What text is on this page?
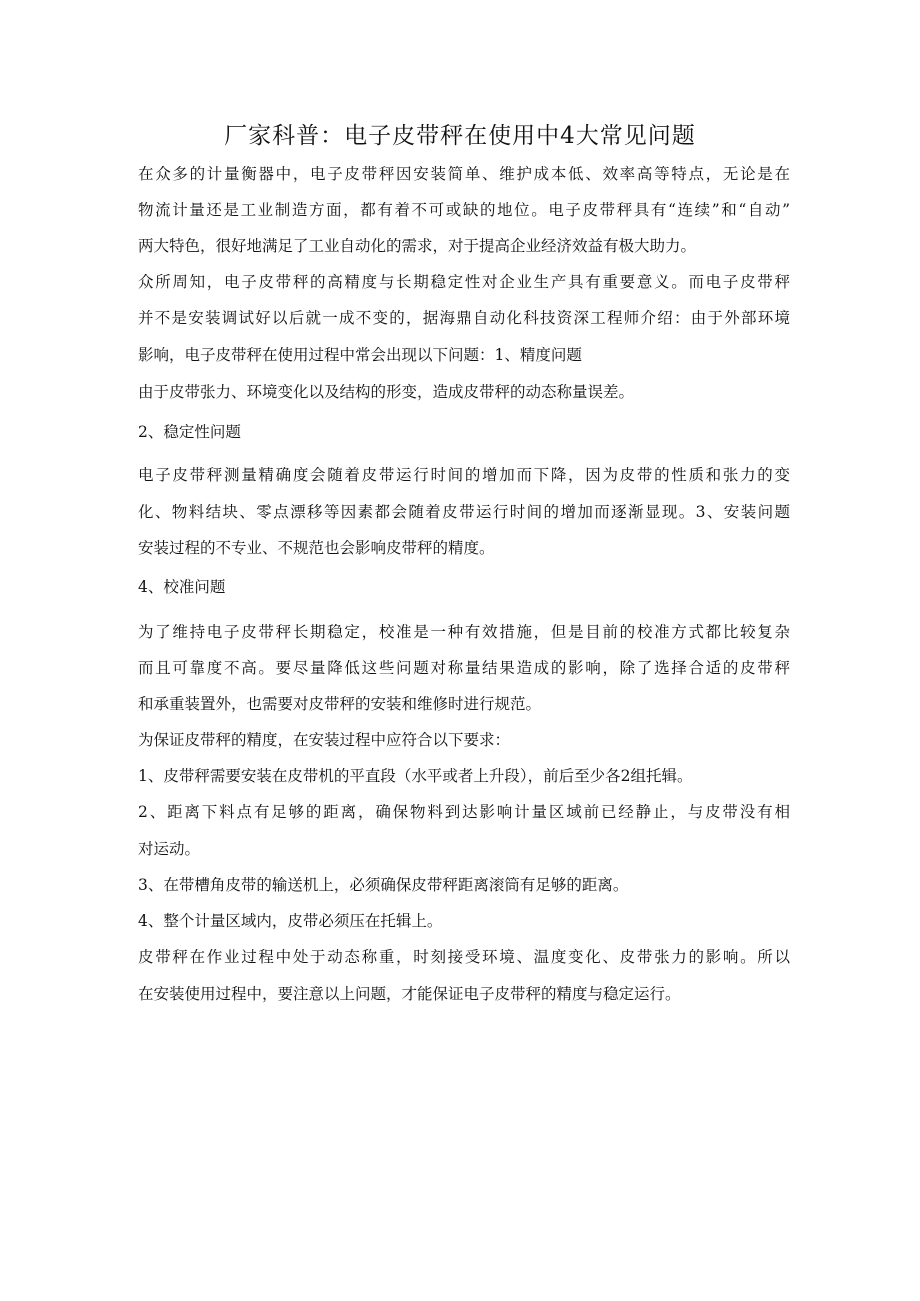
厂家科普：电子皮带秤在使用中4大常见问题

在众多的计量衡器中，电子皮带秤因安装简单、维护成本低、效率高等特点，无论是在

物流计量还是工业制造方面，都有着不可或缺的地位。电子皮带秤具有“连续”和“自动”

两大特色，很好地满足了工业自动化的需求，对于提高企业经济效益有极大助力。

众所周知，电子皮带秤的高精度与长期稳定性对企业生产具有重要意义。而电子皮带秤

并不是安装调试好以后就一成不变的，据海鼎自动化科技资深工程师介绍：由于外部环境

影响，电子皮带秤在使用过程中常会出现以下问题：1、精度问题

由于皮带张力、环境变化以及结构的形变，造成皮带秤的动态称量误差。

2、稳定性问题

电子皮带秤测量精确度会随着皮带运行时间的增加而下降，因为皮带的性质和张力的变

化、物料结块、零点漂移等因素都会随着皮带运行时间的增加而逐渐显现。3、安装问题

安装过程的不专业、不规范也会影响皮带秤的精度。

4、校准问题

为了维持电子皮带秤长期稳定，校准是一种有效措施，但是目前的校准方式都比较复杂

而且可靠度不高。要尽量降低这些问题对称量结果造成的影响，除了选择合适的皮带秤

和承重装置外，也需要对皮带秤的安装和维修时进行规范。

为保证皮带秤的精度，在安装过程中应符合以下要求：

1、皮带秤需要安装在皮带机的平直段（水平或者上升段），前后至少各2组托辑。

2、距离下料点有足够的距离，确保物料到达影响计量区域前已经静止，与皮带没有相

对运动。

3、在带槽角皮带的输送机上，必须确保皮带秤距离滚筒有足够的距离。

4、整个计量区域内，皮带必须压在托辑上。

皮带秤在作业过程中处于动态称重，时刻接受环境、温度变化、皮带张力的影响。所以

在安装使用过程中，要注意以上问题，才能保证电子皮带秤的精度与稳定运行。
